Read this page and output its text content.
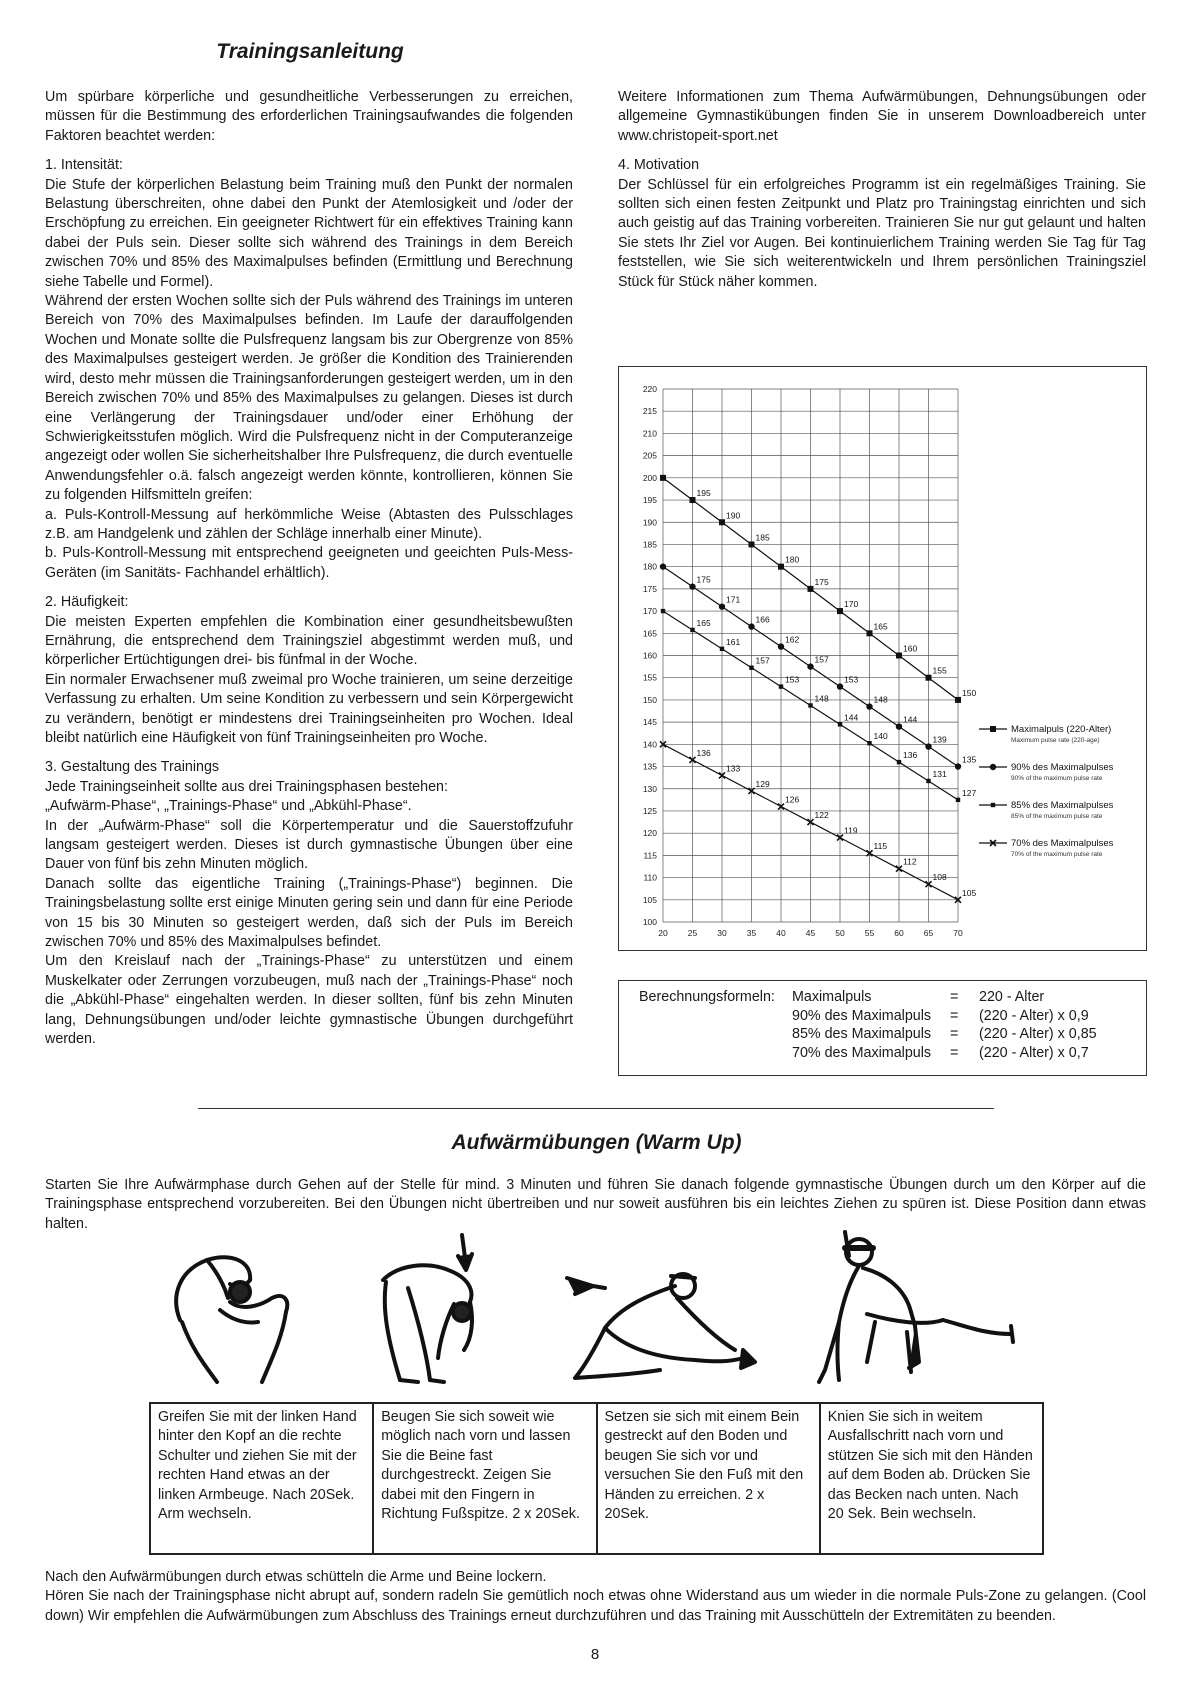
Trainingsanleitung

Um spürbare körperliche und gesundheitliche Verbesserungen zu erreichen, müssen für die Bestimmung des erforderlichen Trainingsaufwandes die folgenden Faktoren beachtet werden:

1. Intensität:

Die Stufe der körperlichen Belastung beim Training muß den Punkt der normalen Belastung überschreiten, ohne dabei den Punkt der Atemlosigkeit und /oder der Erschöpfung zu erreichen. Ein geeigneter Richtwert für ein effektives Training kann dabei der Puls sein. Dieser sollte sich während des Trainings in dem Bereich zwischen 70% und 85% des Maximalpulses befinden (Ermittlung und Berechnung siehe Tabelle und Formel).

Während der ersten Wochen sollte sich der Puls während des Trainings im unteren Bereich von 70% des Maximalpulses befinden. Im Laufe der darauffolgenden Wochen und Monate sollte die Pulsfrequenz langsam bis zur Obergrenze von 85% des Maximalpulses gesteigert werden. Je größer die Kondition des Trainierenden wird, desto mehr müssen die Trainingsanforderungen gesteigert werden, um in den Bereich zwischen 70% und 85% des Maximalpulses zu gelangen. Dieses ist durch eine Verlängerung der Trainingsdauer und/oder einer Erhöhung der Schwierigkeitsstufen möglich. Wird die Pulsfrequenz nicht in der Computeranzeige angezeigt oder wollen Sie sicherheitshalber Ihre Pulsfrequenz, die durch eventuelle Anwendungsfehler o.ä. falsch angezeigt werden könnte, kontrollieren, können Sie zu folgenden Hilfsmitteln greifen:

a. Puls-Kontroll-Messung auf herkömmliche Weise (Abtasten des Pulsschlages z.B. am Handgelenk und zählen der Schläge innerhalb einer Minute).

b. Puls-Kontroll-Messung mit entsprechend geeigneten und geeichten Puls-Mess-Geräten (im Sanitäts- Fachhandel erhältlich).

2. Häufigkeit:

Die meisten Experten empfehlen die Kombination einer gesundheitsbewußten Ernährung, die entsprechend dem Trainingsziel abgestimmt werden muß, und körperlicher Ertüchtigungen drei- bis fünfmal in der Woche.

Ein normaler Erwachsener muß zweimal pro Woche trainieren, um seine derzeitige Verfassung zu erhalten. Um seine Kondition zu verbessern und sein Körpergewicht zu verändern, benötigt er mindestens drei Trainingseinheiten pro Wochen. Ideal bleibt natürlich eine Häufigkeit von fünf Trainingseinheiten pro Woche.

3. Gestaltung des Trainings

Jede Trainingseinheit sollte aus drei Trainingsphasen bestehen:

„Aufwärm-Phase“, „Trainings-Phase“ und „Abkühl-Phase“.

In der „Aufwärm-Phase“ soll die Körpertemperatur und die Sauerstoffzufuhr langsam gesteigert werden. Dieses ist durch gymnastische Übungen über eine Dauer von fünf bis zehn Minuten möglich.

Danach sollte das eigentliche Training („Trainings-Phase“) beginnen. Die Trainingsbelastung sollte erst einige Minuten gering sein und dann für eine Periode von 15 bis 30 Minuten so gesteigert werden, daß sich der Puls im Bereich zwischen 70% und 85% des Maximalpulses befindet.

Um den Kreislauf nach der „Trainings-Phase“ zu unterstützen und einem Muskelkater oder Zerrungen vorzubeugen, muß nach der „Trainings-Phase“ noch die „Abkühl-Phase“ eingehalten werden. In dieser sollten, fünf bis zehn Minuten lang, Dehnungsübungen und/oder leichte gymnastische Übungen durchgeführt werden.

Weitere Informationen zum Thema Aufwärmübungen, Dehnungsübungen oder allgemeine Gymnastikübungen finden Sie in unserem Downloadbereich unter www.christopeit-sport.net

4. Motivation

Der Schlüssel für ein erfolgreiches Programm ist ein regelmäßiges Training. Sie sollten sich einen festen Zeitpunkt und Platz pro Trainingstag einrichten und sich auch geistig auf das Training vorbereiten. Trainieren Sie nur gut gelaunt und halten Sie stets Ihr Ziel vor Augen. Bei kontinuierlichem Training werden Sie Tag für Tag feststellen, wie Sie sich weiterentwickeln und Ihrem persönlichen Trainingsziel Stück für Stück näher kommen.

100
105
110
115
120
125
130
135
140
145
150
155
160
165
170
175
180
185
190
195
200
205
210
215
220
20 25 30 35 40 45 50 55 60 65 70
195
190
185
180
175
170
165
160
155
150
Maximalpuls (220-Alter)
Maximum pulse rate (220-age)
175
171
166
162
157
153
148
144
139
135
90% des Maximalpulses
90% of the maximum pulse rate
165
161
157
153
148
144
140
136
131
127
85% des Maximalpulses
85% of the maximum pulse rate
136
133
129
126
122
119
115
112
108
105
70% des Maximalpulses
70% of the maximum pulse rate
Berechnungsformeln: Maximalpuls	= 220 - Alter
90% des Maximalpuls = (220 - Alter) x 0,9
85% des Maximalpuls = (220 - Alter) x 0,85
70% des Maximalpuls = (220 - Alter) x 0,7
Aufwärmübungen (Warm Up)

Starten Sie Ihre Aufwärmphase durch Gehen auf der Stelle für mind. 3 Minuten und führen Sie danach folgende gymnastische Übungen durch um den Körper auf die Trainingsphase entsprechend vorzubereiten. Bei den Übungen nicht übertreiben und nur soweit ausführen bis ein leichtes Ziehen zu spüren ist. Diese Position dann etwas halten.

Greifen Sie mit der linken Hand hinter den Kopf an die rechte Schulter und ziehen Sie mit der rechten Hand etwas an der linken Armbeuge. Nach 20Sek. Arm wechseln.	Beugen Sie sich soweit wie möglich nach vorn und lassen Sie die Beine fast durchgestreckt. Zeigen Sie dabei mit den Fingern in Richtung Fußspitze. 2 x 20Sek.	Setzen sie sich mit einem Bein gestreckt auf den Boden und beugen Sie sich vor und versuchen Sie den Fuß mit den Händen zu erreichen. 2 x 20Sek.	Knien Sie sich in weitem Ausfallschritt nach vorn und stützen Sie sich mit den Händen auf dem Boden ab. Drücken Sie das Becken nach unten. Nach 20 Sek. Bein wechseln.

Nach den Aufwärmübungen durch etwas schütteln die Arme und Beine lockern.

Hören Sie nach der Trainingsphase nicht abrupt auf, sondern radeln Sie gemütlich noch etwas ohne Widerstand aus um wieder in die normale Puls-Zone zu gelangen. (Cool down) Wir empfehlen die Aufwärmübungen zum Abschluss des Trainings erneut durchzuführen und das Training mit Ausschütteln der Extremitäten zu beenden.

8
